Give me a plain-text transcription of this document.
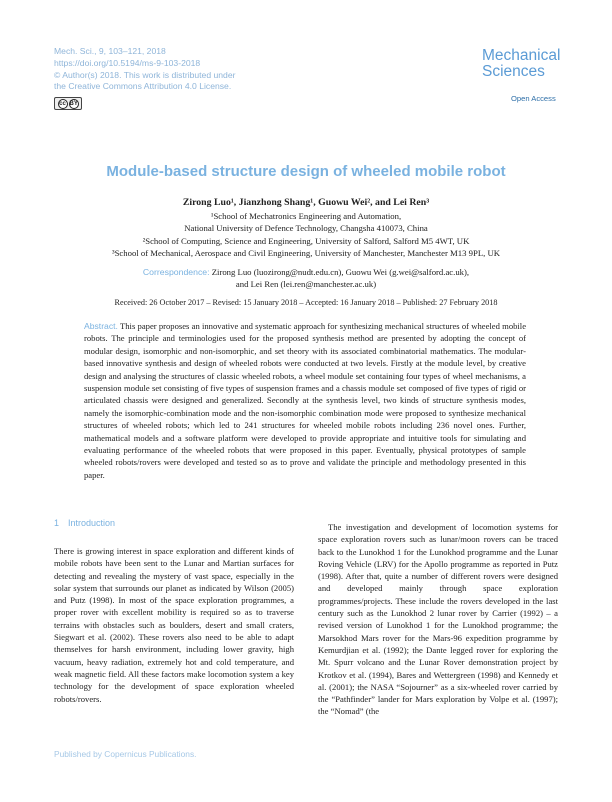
Mech. Sci., 9, 103–121, 2018
https://doi.org/10.5194/ms-9-103-2018
© Author(s) 2018. This work is distributed under
the Creative Commons Attribution 4.0 License.
cc BY
Mechanical
Sciences
Open Access
Module-based structure design of wheeled mobile robot
Zirong Luo¹, Jianzhong Shang¹, Guowu Wei², and Lei Ren³
¹School of Mechatronics Engineering and Automation,
National University of Defence Technology, Changsha 410073, China
²School of Computing, Science and Engineering, University of Salford, Salford M5 4WT, UK
³School of Mechanical, Aerospace and Civil Engineering, University of Manchester, Manchester M13 9PL, UK
Correspondence: Zirong Luo (luozirong@nudt.edu.cn), Guowu Wei (g.wei@salford.ac.uk),
and Lei Ren (lei.ren@manchester.ac.uk)
Received: 26 October 2017 – Revised: 15 January 2018 – Accepted: 16 January 2018 – Published: 27 February 2018
Abstract. This paper proposes an innovative and systematic approach for synthesizing mechanical structures of wheeled mobile robots. The principle and terminologies used for the proposed synthesis method are presented by adopting the concept of modular design, isomorphic and non-isomorphic, and set theory with its associated combinatorial mathematics. The modular-based innovative synthesis and design of wheeled robots were conducted at two levels. Firstly at the module level, by creative design and analysing the structures of classic wheeled robots, a wheel module set containing four types of wheel mechanisms, a suspension module set consisting of five types of suspension frames and a chassis module set composed of five types of rigid or articulated chassis were designed and generalized. Secondly at the synthesis level, two kinds of structure synthesis modes, namely the isomorphic-combination mode and the non-isomorphic combination mode were proposed to synthesize mechanical structures of wheeled robots; which led to 241 structures for wheeled mobile robots including 236 novel ones. Further, mathematical models and a software platform were developed to provide appropriate and intuitive tools for simulating and evaluating performance of the wheeled robots that were proposed in this paper. Eventually, physical prototypes of sample wheeled robots/rovers were developed and tested so as to prove and validate the principle and methodology presented in this paper.
1 Introduction
There is growing interest in space exploration and different kinds of mobile robots have been sent to the Lunar and Martian surfaces for detecting and revealing the mystery of vast space, especially in the solar system that surrounds our planet as indicated by Wilson (2005) and Putz (1998). In most of the space exploration programmes, a proper rover with excellent mobility is required so as to traverse terrains with obstacles such as boulders, desert and small craters, Siegwart et al. (2002). These rovers also need to be able to adapt themselves for harsh environment, including lower gravity, high vacuum, heavy radiation, extremely hot and cold temperature, and weak magnetic field. All these factors make locomotion system a key technology for the development of space exploration wheeled robots/rovers.
The investigation and development of locomotion systems for space exploration rovers such as lunar/moon rovers can be traced back to the Lunokhod 1 for the Lunokhod programme and the Lunar Roving Vehicle (LRV) for the Apollo programme as reported in Putz (1998). After that, quite a number of different rovers were designed and developed mainly through space exploration programmes/projects. These include the rovers developed in the last century such as the Lunokhod 2 lunar rover by Carrier (1992) – a revised version of Lunokhod 1 for the Lunokhod programme; the Marsokhod Mars rover for the Mars-96 expedition programme by Kemurdjian et al. (1992); the Dante legged rover for exploring the Mt. Spurr volcano and the Lunar Rover demonstration project by Krotkov et al. (1994), Bares and Wettergreen (1998) and Kennedy et al. (2001); the NASA “Sojourner” as a six-wheeled rover carried by the “Pathfinder” lander for Mars exploration by Volpe et al. (1997); the “Nomad” (the
Published by Copernicus Publications.
